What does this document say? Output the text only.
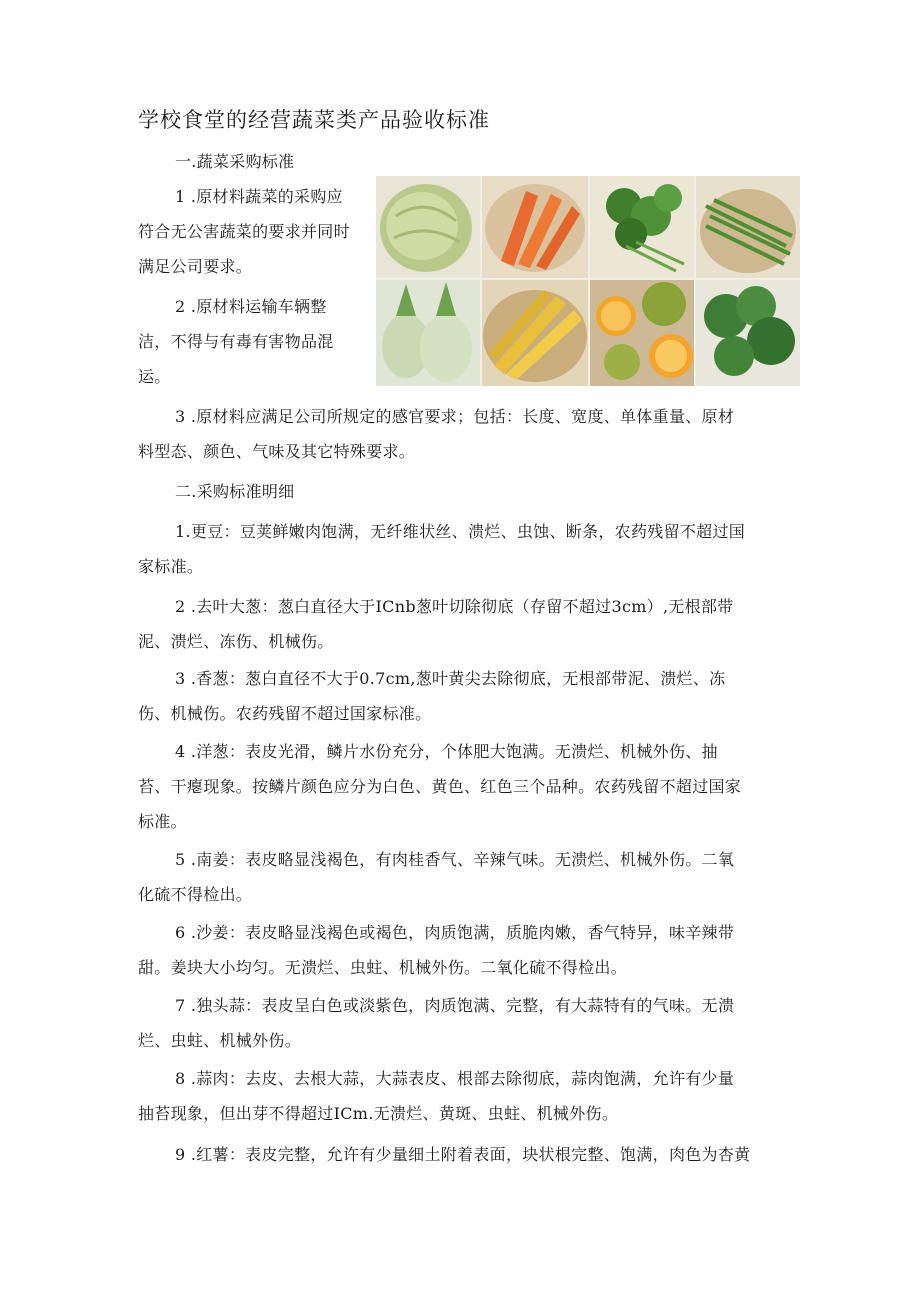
学校食堂的经营蔬菜类产品验收标准
一.蔬菜采购标准
1 .原材料蔬菜的采购应
符合无公害蔬菜的要求并同时
满足公司要求。
2 .原材料运输车辆整
洁，不得与有毒有害物品混
运。
3 .原材料应满足公司所规定的感官要求；包括：长度、宽度、单体重量、原材
料型态、颜色、气味及其它特殊要求。
二.采购标准明细
1.更豆：豆荚鲜嫩肉饱满，无纤维状丝、溃烂、虫蚀、断条，农药残留不超过国
家标准。
2 .去叶大葱：葱白直径大于ICnb葱叶切除彻底（存留不超过3cm）,无根部带
泥、溃烂、冻伤、机械伤。
3 .香葱：葱白直径不大于0.7cm,葱叶黄尖去除彻底，无根部带泥、溃烂、冻
伤、机械伤。农药残留不超过国家标准。
4 .洋葱：表皮光滑，鳞片水份充分，个体肥大饱满。无溃烂、机械外伤、抽
苔、干瘪现象。按鳞片颜色应分为白色、黄色、红色三个品种。农药残留不超过国家
标准。
5 .南姜：表皮略显浅褐色，有肉桂香气、辛辣气味。无溃烂、机械外伤。二氧
化硫不得检出。
6 .沙姜：表皮略显浅褐色或褐色，肉质饱满，质脆肉嫩，香气特异，味辛辣带
甜。姜块大小均匀。无溃烂、虫蛀、机械外伤。二氧化硫不得检出。
7 .独头蒜：表皮呈白色或淡紫色，肉质饱满、完整，有大蒜特有的气味。无溃
烂、虫蛀、机械外伤。
8 .蒜肉：去皮、去根大蒜，大蒜表皮、根部去除彻底，蒜肉饱满，允许有少量
抽苔现象，但出芽不得超过ICm.无溃烂、黄斑、虫蛀、机械外伤。
9 .红薯：表皮完整，允许有少量细土附着表面，块状根完整、饱满，肉色为杏黄
